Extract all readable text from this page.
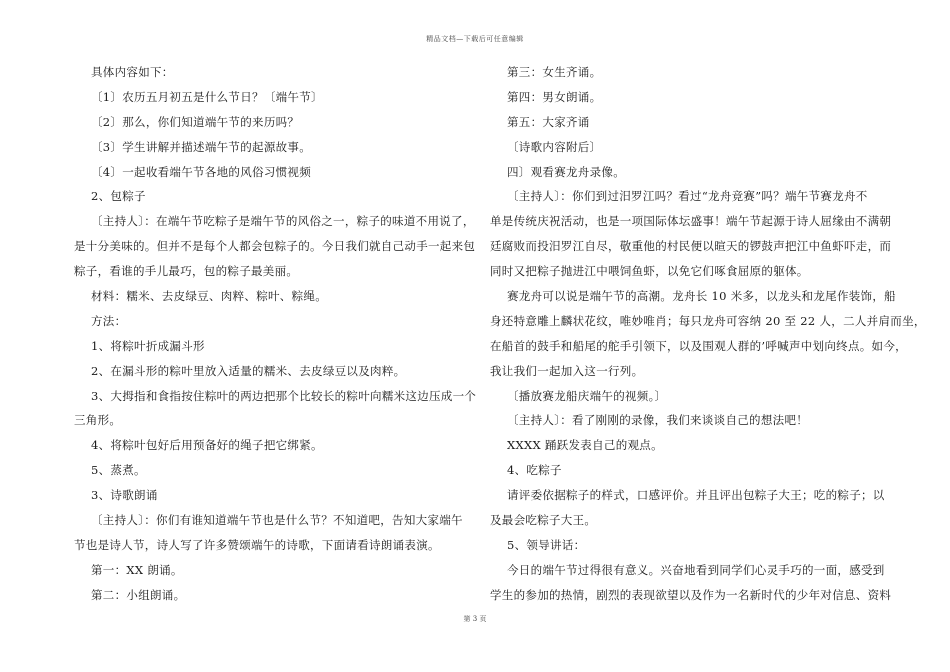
精品文档—下载后可任意编辑
具体内容如下：
〔1〕农历五月初五是什么节日？〔端午节〕
〔2〕那么，你们知道端午节的来历吗？
〔3〕学生讲解并描述端午节的起源故事。
〔4〕一起收看端午节各地的风俗习惯视频
2、包粽子
〔主持人〕：在端午节吃粽子是端午节的风俗之一，粽子的味道不用说了，
是十分美味的。但并不是每个人都会包粽子的。今日我们就自己动手一起来包
粽子，看谁的手儿最巧，包的粽子最美丽。
材料：糯米、去皮绿豆、肉粹、粽叶、粽绳。
方法：
1、将粽叶折成漏斗形
2、在漏斗形的粽叶里放入适量的糯米、去皮绿豆以及肉粹。
3、大拇指和食指按住粽叶的两边把那个比较长的粽叶向糯米这边压成一个
三角形。
4、将粽叶包好后用预备好的绳子把它绑紧。
5、蒸煮。
3、诗歌朗诵
〔主持人〕：你们有谁知道端午节也是什么节？不知道吧，告知大家端午
节也是诗人节，诗人写了许多赞颂端午的诗歌，下面请看诗朗诵表演。
第一：XX 朗诵。
第二：小组朗诵。
第三：女生齐诵。
第四：男女朗诵。
第五：大家齐诵
〔诗歌内容附后〕
四〕观看赛龙舟录像。
〔主持人〕：你们到过汨罗江吗？看过“龙舟竞赛”吗？端午节赛龙舟不
单是传统庆祝活动，也是一项国际体坛盛事！端午节起源于诗人屈缘由不满朝
廷腐败而投汨罗江自尽，敬重他的村民便以暄天的锣鼓声把江中鱼虾吓走，而
同时又把粽子抛进江中喂饲鱼虾，以免它们啄食屈原的躯体。
赛龙舟可以说是端午节的高潮。龙舟长 10 米多，以龙头和龙尾作装饰，船
身还特意雕上麟状花纹，唯妙唯肖；每只龙舟可容纳 20 至 22 人，二人并肩而坐，
在船首的鼓手和船尾的舵手引领下，以及围观人群的’呼喊声中划向终点。如今，
我让我们一起加入这一行列。
〔播放赛龙船庆端午的视频。〕
〔主持人〕：看了刚刚的录像，我们来谈谈自己的想法吧！
XXXX 踊跃发表自己的观点。
4、吃粽子
请评委依据粽子的样式，口感评价。并且评出包粽子大王；吃的粽子；以
及最会吃粽子大王。
5、领导讲话：
今日的端午节过得很有意义。兴奋地看到同学们心灵手巧的一面，感受到
学生的参加的热情，剧烈的表现欲望以及作为一名新时代的少年对信息、资料
第 3 页
